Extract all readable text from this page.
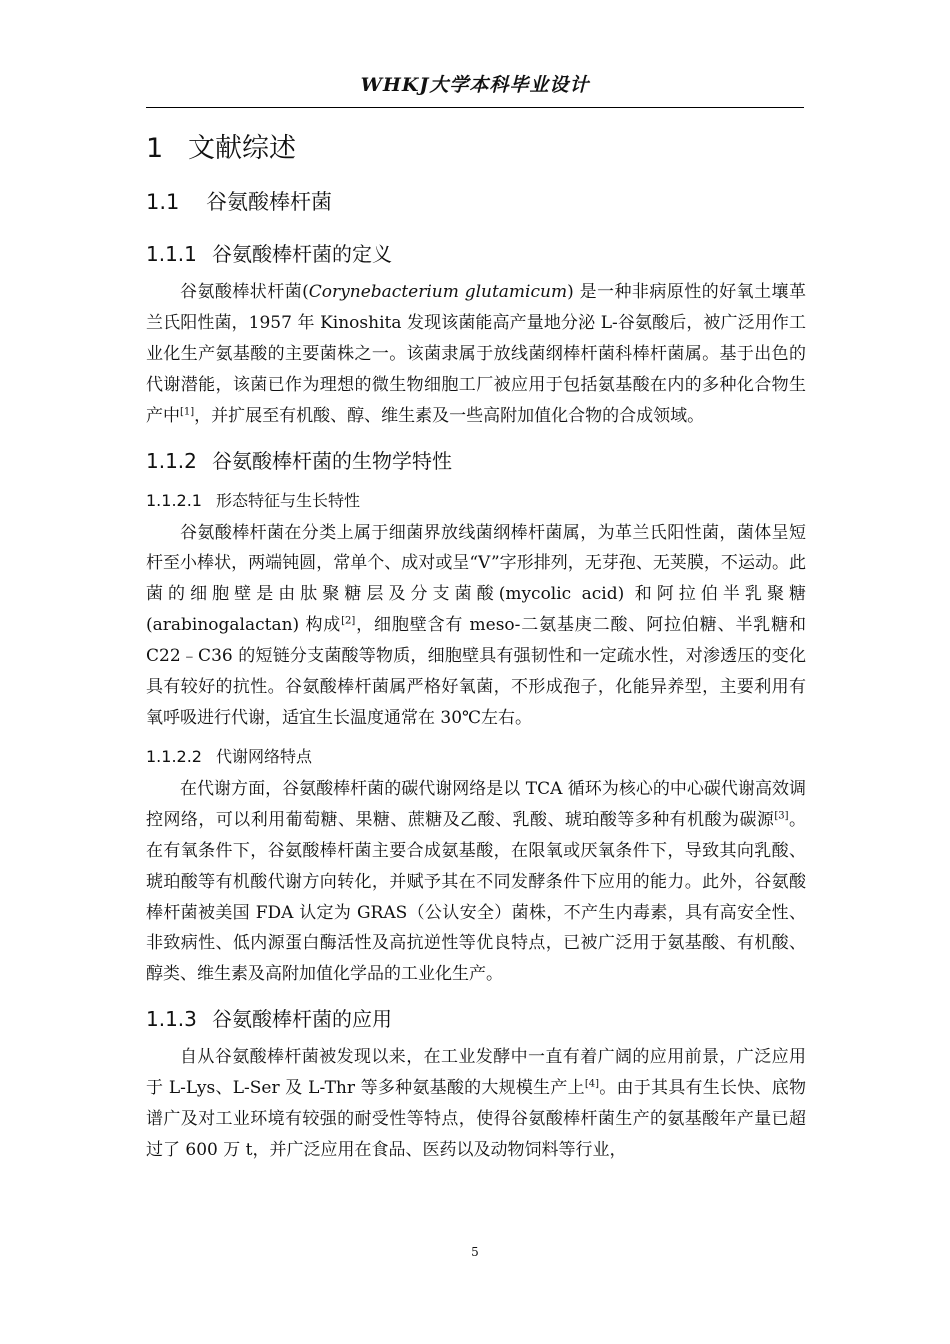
WHKJ大学本科毕业设计
1 文献综述
1.1 谷氨酸棒杆菌
1.1.1 谷氨酸棒杆菌的定义

谷氨酸棒状杆菌(Corynebacterium glutamicum) 是一种非病原性的好氧土壤革兰氏阳性菌，1957 年 Kinoshita 发现该菌能高产量地分泌 L-谷氨酸后，被广泛用作工业化生产氨基酸的主要菌株之一。该菌隶属于放线菌纲棒杆菌科棒杆菌属。基于出色的代谢潜能，该菌已作为理想的微生物细胞工厂被应用于包括氨基酸在内的多种化合物生产中[1]，并扩展至有机酸、醇、维生素及一些高附加值化合物的合成领域。

1.1.2 谷氨酸棒杆菌的生物学特性
1.1.2.1 形态特征与生长特性

谷氨酸棒杆菌在分类上属于细菌界放线菌纲棒杆菌属，为革兰氏阳性菌，菌体呈短杆至小棒状，两端钝圆，常单个、成对或呈“V”字形排列，无芽孢、无荚膜，不运动。此菌的细胞壁是由肽聚糖层及分支菌酸(mycolic acid) 和阿拉伯半乳聚糖(arabinogalactan) 构成[2]，细胞壁含有 meso-二氨基庚二酸、阿拉伯糖、半乳糖和 C22﹣C36 的短链分支菌酸等物质，细胞壁具有强韧性和一定疏水性，对渗透压的变化具有较好的抗性。谷氨酸棒杆菌属严格好氧菌，不形成孢子，化能异养型，主要利用有氧呼吸进行代谢，适宜生长温度通常在 30℃左右。

1.1.2.2 代谢网络特点

在代谢方面，谷氨酸棒杆菌的碳代谢网络是以 TCA 循环为核心的中心碳代谢高效调控网络，可以利用葡萄糖、果糖、蔗糖及乙酸、乳酸、琥珀酸等多种有机酸为碳源[3]。在有氧条件下，谷氨酸棒杆菌主要合成氨基酸，在限氧或厌氧条件下，导致其向乳酸、琥珀酸等有机酸代谢方向转化，并赋予其在不同发酵条件下应用的能力。此外，谷氨酸棒杆菌被美国 FDA 认定为 GRAS（公认安全）菌株，不产生内毒素，具有高安全性、非致病性、低内源蛋白酶活性及高抗逆性等优良特点，已被广泛用于氨基酸、有机酸、醇类、维生素及高附加值化学品的工业化生产。

1.1.3 谷氨酸棒杆菌的应用

自从谷氨酸棒杆菌被发现以来，在工业发酵中一直有着广阔的应用前景，广泛应用于 L-Lys、L-Ser 及 L-Thr 等多种氨基酸的大规模生产上[4]。由于其具有生长快、底物谱广及对工业环境有较强的耐受性等特点，使得谷氨酸棒杆菌生产的氨基酸年产量已超过了 600 万 t，并广泛应用在食品、医药以及动物饲料等行业，

5
